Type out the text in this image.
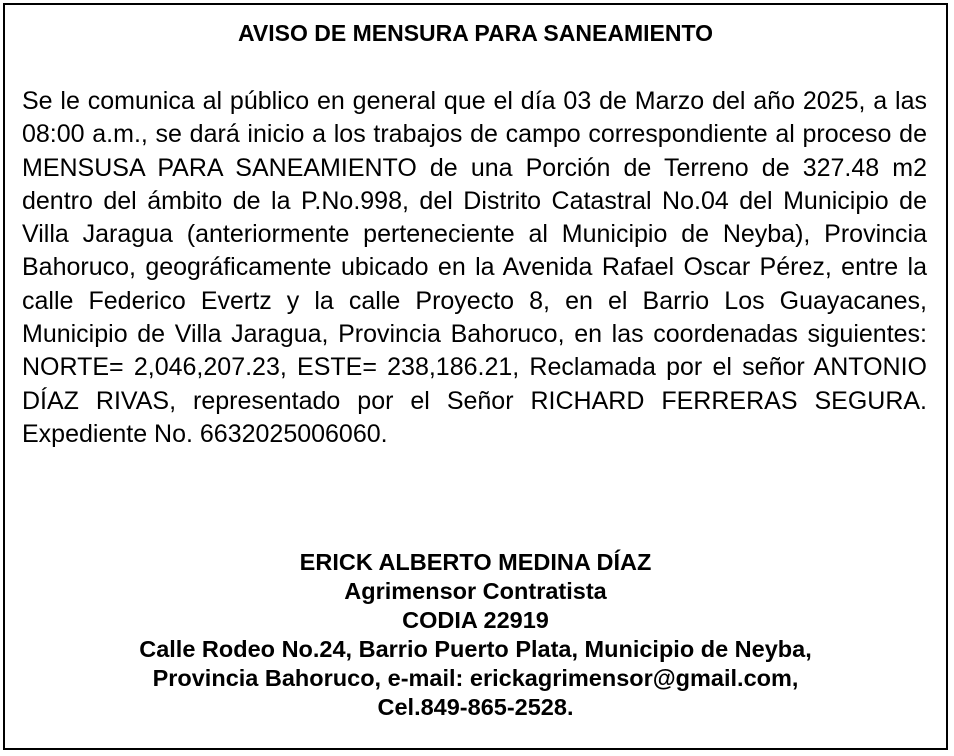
AVISO DE MENSURA PARA SANEAMIENTO

Se le comunica al público en general que el día 03 de Marzo del año 2025, a las 08:00 a.m., se dará inicio a los trabajos de campo correspondiente al proceso de MENSUSA PARA SANEAMIENTO de una Porción de Terreno de 327.48 m2 dentro del ámbito de la P.No.998, del Distrito Catastral No.04 del Municipio de Villa Jaragua (anteriormente perteneciente al Municipio de Neyba), Provincia Bahoruco, geográficamente ubicado en la Avenida Rafael Oscar Pérez, entre la calle Federico Evertz y la calle Proyecto 8, en el Barrio Los Guayacanes, Municipio de Villa Jaragua, Provincia Bahoruco, en las coordenadas siguientes: NORTE= 2,046,207.23, ESTE= 238,186.21, Reclamada por el señor ANTONIO DÍAZ RIVAS, representado por el Señor RICHARD FERRERAS SEGURA. Expediente No. 6632025006060.

ERICK ALBERTO MEDINA DÍAZ
Agrimensor Contratista
CODIA 22919
Calle Rodeo No.24, Barrio Puerto Plata, Municipio de Neyba,
Provincia Bahoruco, e-mail: erickagrimensor@gmail.com,
Cel.849-865-2528.
